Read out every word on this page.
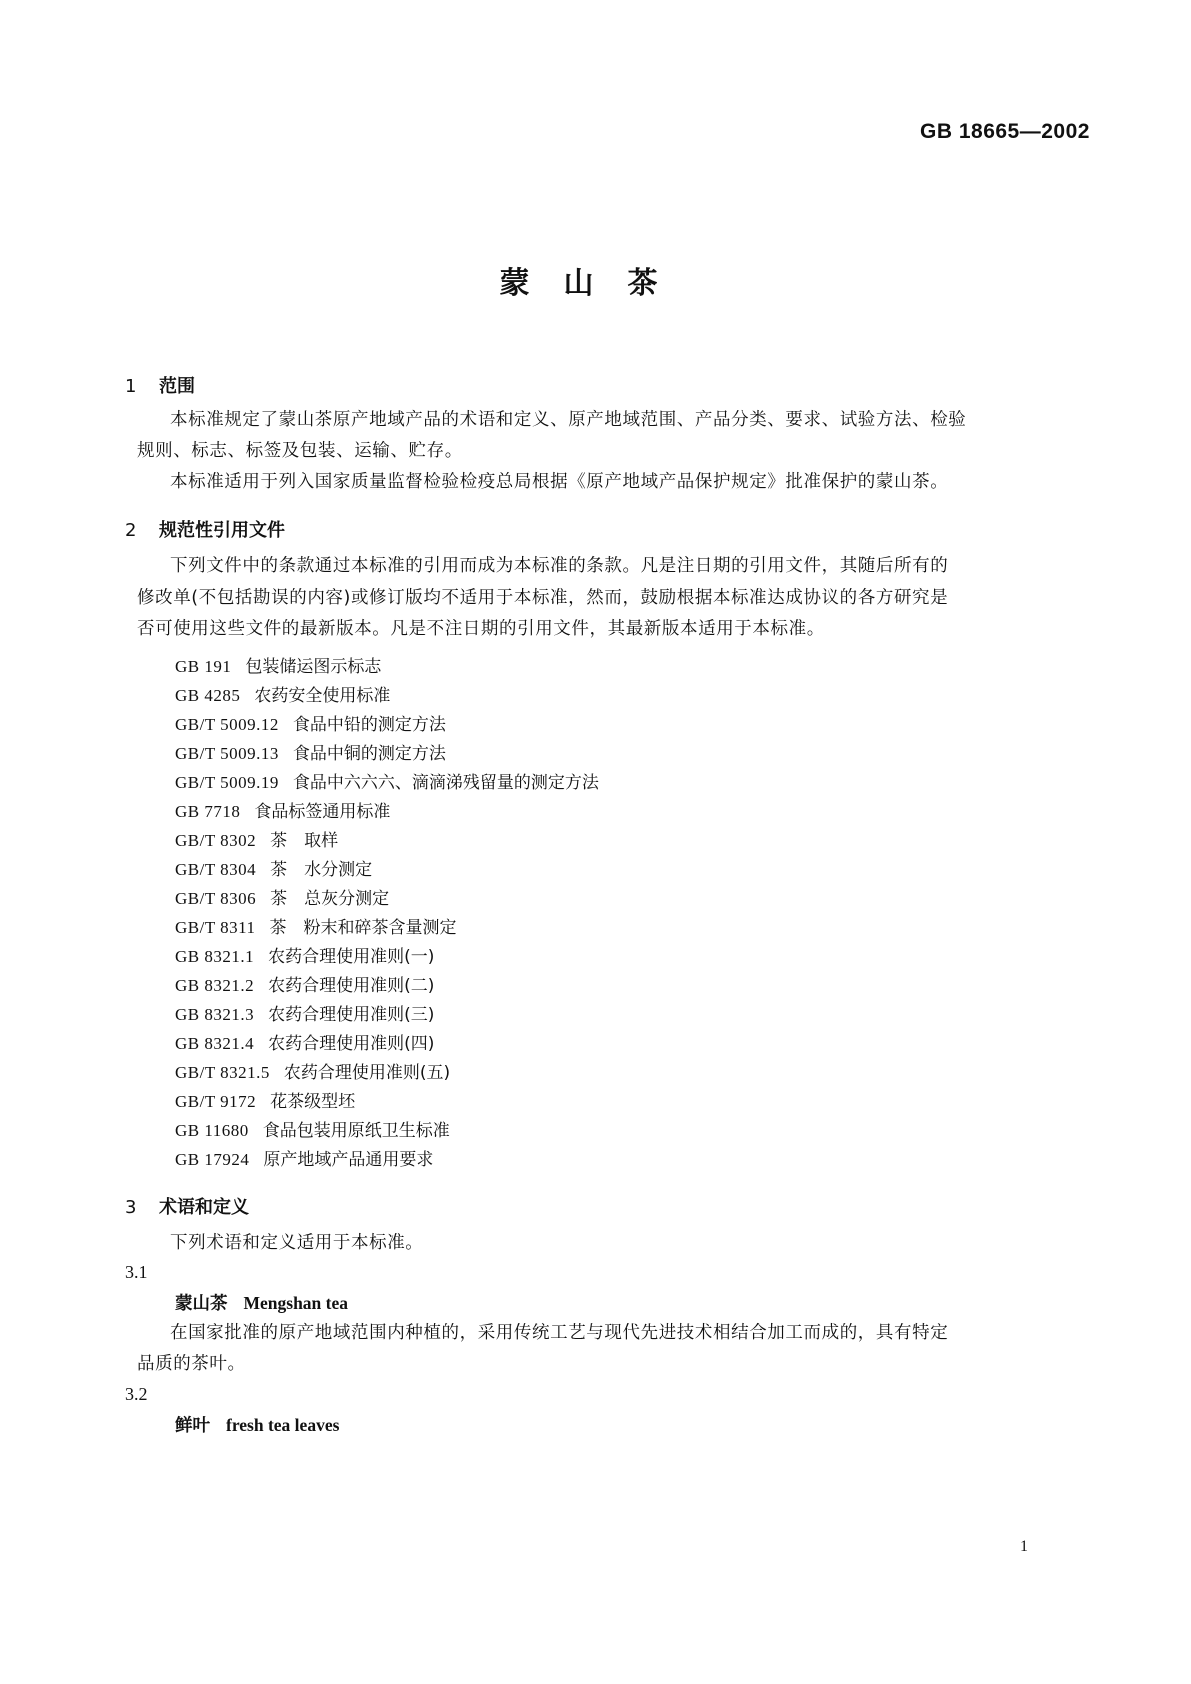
GB 18665—2002
蒙山茶
1 范围
本标准规定了蒙山茶原产地域产品的术语和定义、原产地域范围、产品分类、要求、试验方法、检验
规则、标志、标签及包装、运输、贮存。
本标准适用于列入国家质量监督检验检疫总局根据《原产地域产品保护规定》批准保护的蒙山茶。
2 规范性引用文件
下列文件中的条款通过本标准的引用而成为本标准的条款。凡是注日期的引用文件，其随后所有的
修改单(不包括勘误的内容)或修订版均不适用于本标准，然而，鼓励根据本标准达成协议的各方研究是
否可使用这些文件的最新版本。凡是不注日期的引用文件，其最新版本适用于本标准。
GB 191 包装储运图示标志
GB 4285 农药安全使用标准
GB/T 5009.12 食品中铅的测定方法
GB/T 5009.13 食品中铜的测定方法
GB/T 5009.19 食品中六六六、滴滴涕残留量的测定方法
GB 7718 食品标签通用标准
GB/T 8302 茶　取样
GB/T 8304 茶　水分测定
GB/T 8306 茶　总灰分测定
GB/T 8311 茶　粉末和碎茶含量测定
GB 8321.1 农药合理使用准则(一)
GB 8321.2 农药合理使用准则(二)
GB 8321.3 农药合理使用准则(三)
GB 8321.4 农药合理使用准则(四)
GB/T 8321.5 农药合理使用准则(五)
GB/T 9172 花茶级型坯
GB 11680 食品包装用原纸卫生标准
GB 17924 原产地域产品通用要求
3 术语和定义
下列术语和定义适用于本标准。
3.1
蒙山茶 Mengshan tea
在国家批准的原产地域范围内种植的，采用传统工艺与现代先进技术相结合加工而成的，具有特定
品质的茶叶。
3.2
鲜叶 fresh tea leaves
1
